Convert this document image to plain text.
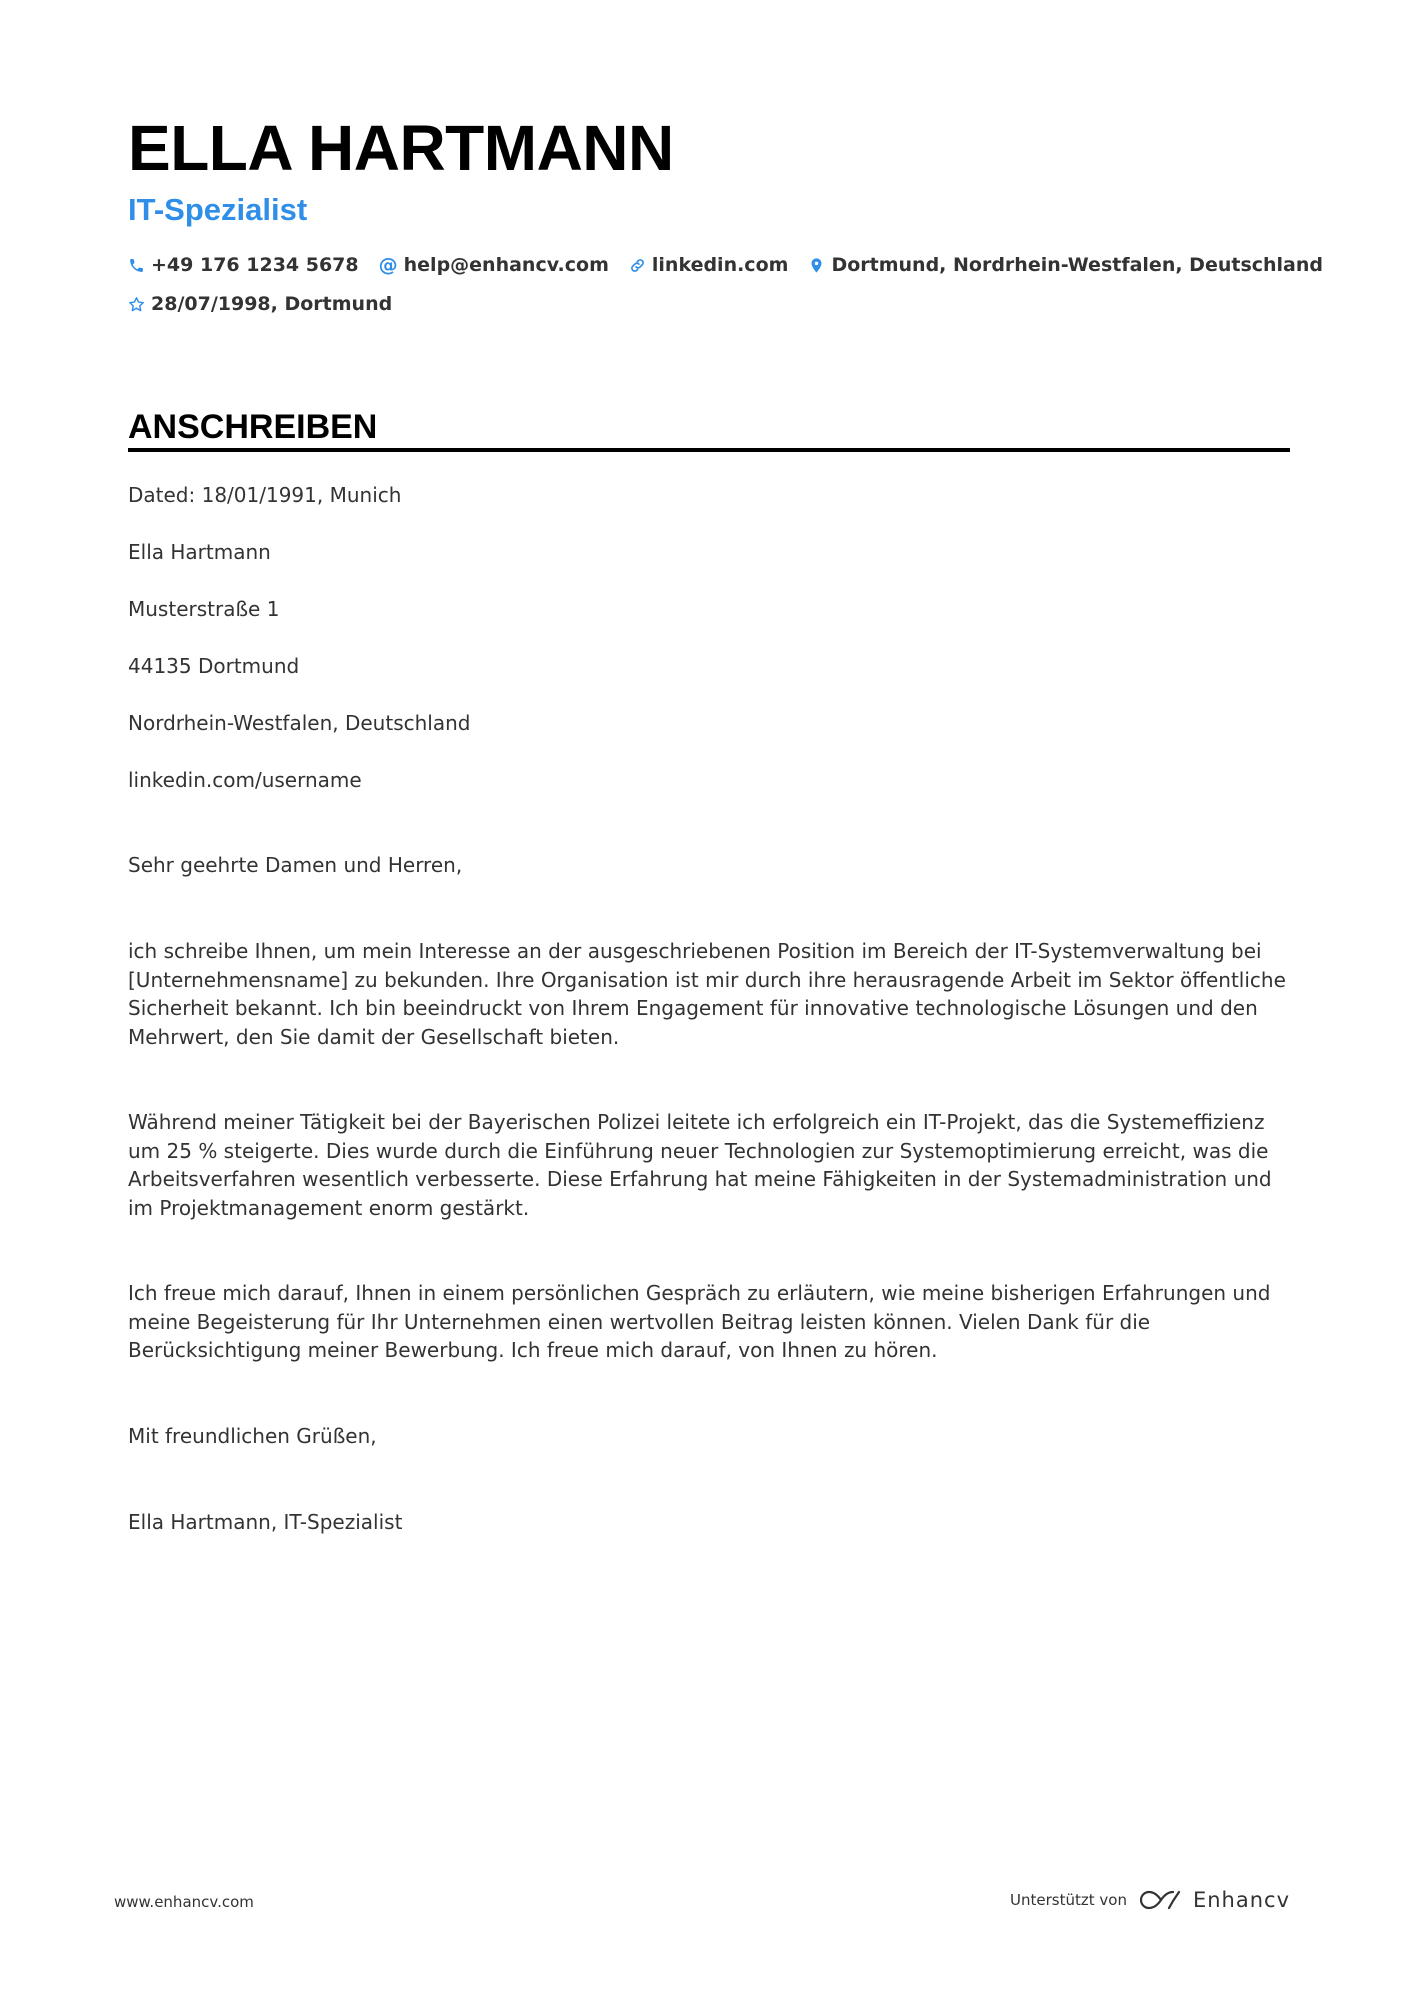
ELLA HARTMANN
IT-Spezialist
+49 176 1234 5678 @ help@enhancv.com linkedin.com Dortmund, Nordrhein-Westfalen, Deutschland
28/07/1998, Dortmund
ANSCHREIBEN
Dated: 18/01/1991, Munich
Ella Hartmann
Musterstraße 1
44135 Dortmund
Nordrhein-Westfalen, Deutschland
linkedin.com/username
Sehr geehrte Damen und Herren,
ich schreibe Ihnen, um mein Interesse an der ausgeschriebenen Position im Bereich der IT-Systemverwaltung bei [Unternehmensname] zu bekunden. Ihre Organisation ist mir durch ihre herausragende Arbeit im Sektor öffentliche Sicherheit bekannt. Ich bin beeindruckt von Ihrem Engagement für innovative technologische Lösungen und den Mehrwert, den Sie damit der Gesellschaft bieten.
Während meiner Tätigkeit bei der Bayerischen Polizei leitete ich erfolgreich ein IT-Projekt, das die Systemeffizienz um 25 % steigerte. Dies wurde durch die Einführung neuer Technologien zur Systemoptimierung erreicht, was die Arbeitsverfahren wesentlich verbesserte. Diese Erfahrung hat meine Fähigkeiten in der Systemadministration und im Projektmanagement enorm gestärkt.
Ich freue mich darauf, Ihnen in einem persönlichen Gespräch zu erläutern, wie meine bisherigen Erfahrungen und meine Begeisterung für Ihr Unternehmen einen wertvollen Beitrag leisten können. Vielen Dank für die Berücksichtigung meiner Bewerbung. Ich freue mich darauf, von Ihnen zu hören.
Mit freundlichen Grüßen,
Ella Hartmann, IT-Spezialist
www.enhancv.com	Unterstützt von	Enhancv
